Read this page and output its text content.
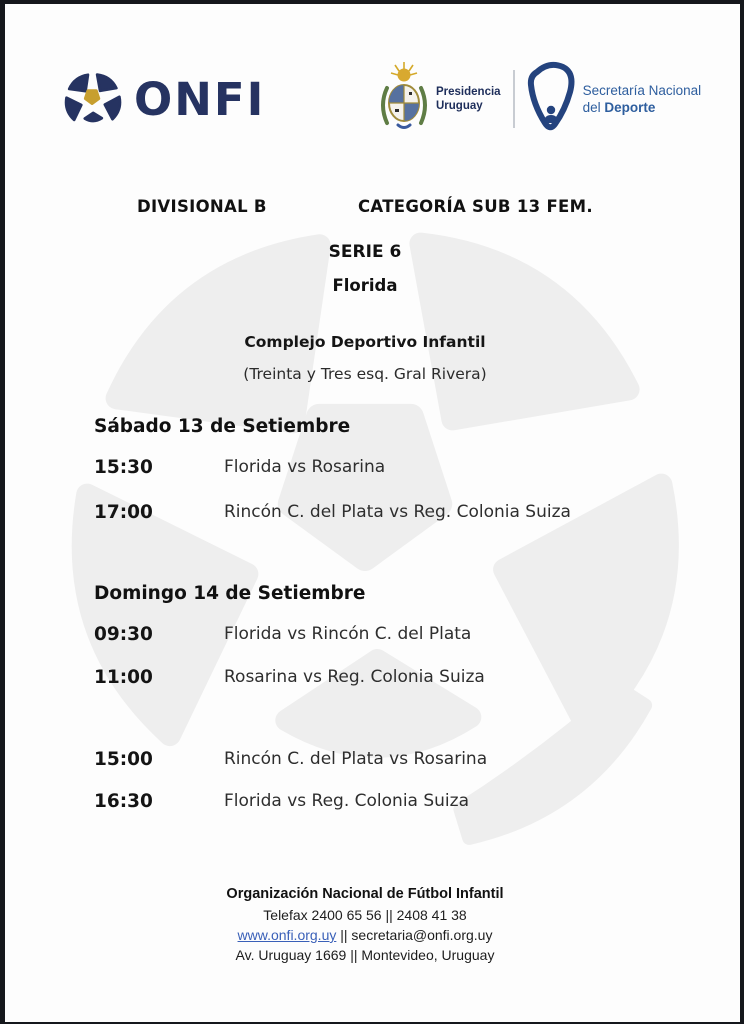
ONFI	Presidencia
Uruguay
Secretaría Nacional
del Deporte
DIVISIONAL B	CATEGORÍA SUB 13 FEM.
SERIE 6
Florida
Complejo Deportivo Infantil
(Treinta y Tres esq. Gral Rivera)
Sábado 13 de Setiembre
15:30	Florida vs Rosarina
17:00	Rincón C. del Plata vs Reg. Colonia Suiza
Domingo 14 de Setiembre
09:30	Florida vs Rincón C. del Plata
11:00	Rosarina vs Reg. Colonia Suiza
15:00	Rincón C. del Plata vs Rosarina
16:30	Florida vs Reg. Colonia Suiza
Organización Nacional de Fútbol Infantil
Telefax 2400 65 56 || 2408 41 38
www.onfi.org.uy || secretaria@onfi.org.uy
Av. Uruguay 1669 || Montevideo, Uruguay
